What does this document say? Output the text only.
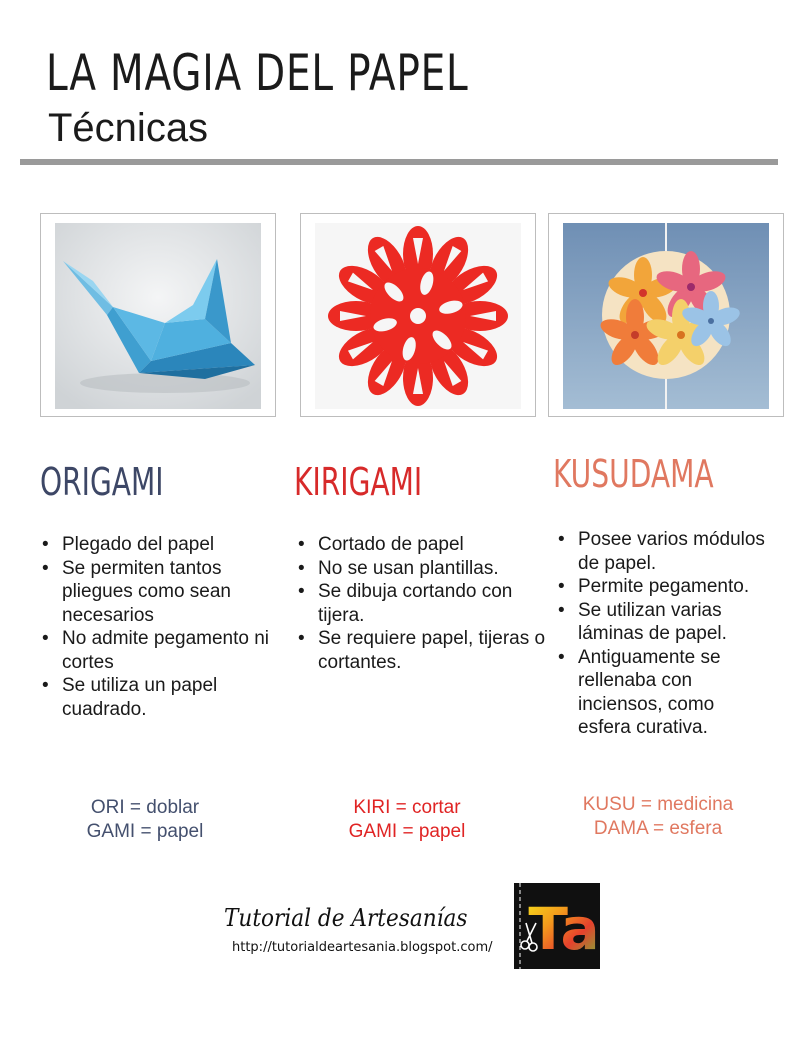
LA MAGIA DEL PAPEL
Técnicas
ORIGAMI	KIRIGAMI	KUSUDAMA
• Plegado del papel
• Se permiten tantos pliegues como sean necesarios
• No admite pegamento ni cortes
• Se utiliza un papel cuadrado.
• Cortado de papel
• No se usan plantillas.
• Se dibuja cortando con tijera.
• Se requiere papel, tijeras o cortantes.
• Posee varios módulos de papel.
• Permite pegamento.
• Se utilizan varias láminas de papel.
• Antiguamente se rellenaba con inciensos, como esfera curativa.
ORI = doblar
GAMI = papel
KIRI = cortar
GAMI = papel
KUSU = medicina
DAMA = esfera
Tutorial de Artesanías
http://tutorialdeartesania.blogspot.com/ Ta
